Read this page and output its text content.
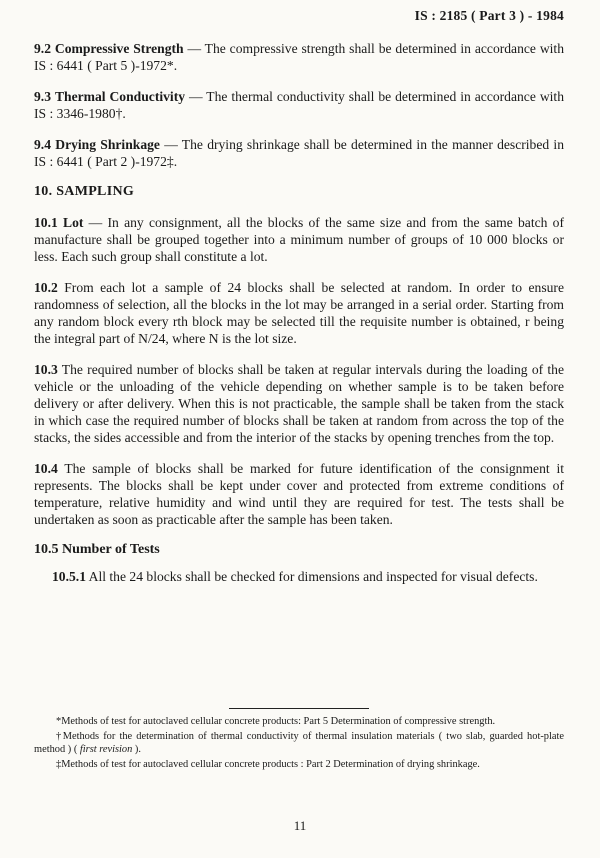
IS : 2185 ( Part 3 ) - 1984

9.2 Compressive Strength — The compressive strength shall be determined in accordance with IS : 6441 ( Part 5 )-1972*.

9.3 Thermal Conductivity — The thermal conductivity shall be determined in accordance with IS : 3346-1980†.

9.4 Drying Shrinkage — The drying shrinkage shall be determined in the manner described in IS : 6441 ( Part 2 )-1972‡.

10. SAMPLING

10.1 Lot — In any consignment, all the blocks of the same size and from the same batch of manufacture shall be grouped together into a minimum number of groups of 10 000 blocks or less. Each such group shall constitute a lot.

10.2 From each lot a sample of 24 blocks shall be selected at random. In order to ensure randomness of selection, all the blocks in the lot may be arranged in a serial order. Starting from any random block every rth block may be selected till the requisite number is obtained, r being the integral part of N/24, where N is the lot size.

10.3 The required number of blocks shall be taken at regular intervals during the loading of the vehicle or the unloading of the vehicle depending on whether sample is to be taken before delivery or after delivery. When this is not practicable, the sample shall be taken from the stack in which case the required number of blocks shall be taken at random from across the top of the stacks, the sides accessible and from the interior of the stacks by opening trenches from the top.

10.4 The sample of blocks shall be marked for future identification of the consignment it represents. The blocks shall be kept under cover and protected from extreme conditions of temperature, relative humidity and wind until they are required for test. The tests shall be undertaken as soon as practicable after the sample has been taken.

10.5 Number of Tests

10.5.1 All the 24 blocks shall be checked for dimensions and inspected for visual defects.

*Methods of test for autoclaved cellular concrete products: Part 5 Determination of compressive strength.

†Methods for the determination of thermal conductivity of thermal insulation materials ( two slab, guarded hot-plate method ) ( first revision ).

‡Methods of test for autoclaved cellular concrete products : Part 2 Determination of drying shrinkage.

11
